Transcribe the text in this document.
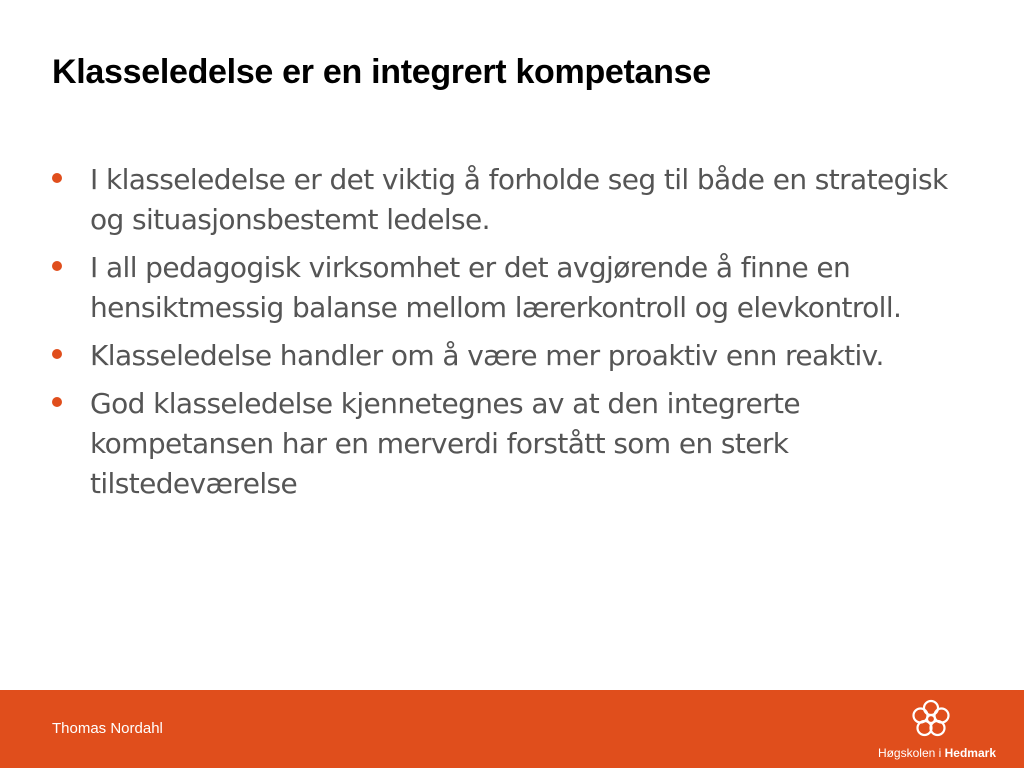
Klasseledelse er en integrert kompetanse
I klasseledelse er det viktig å forholde seg til både en strategisk og situasjonsbestemt ledelse.
I all pedagogisk virksomhet er det avgjørende å finne en hensiktmessig balanse mellom lærerkontroll og elevkontroll.
Klasseledelse handler om å være mer proaktiv enn reaktiv.
God klasseledelse kjennetegnes av at den integrerte kompetansen har en merverdi forstått som en sterk tilstedeværelse
Thomas Nordahl
Høgskolen i Hedmark
